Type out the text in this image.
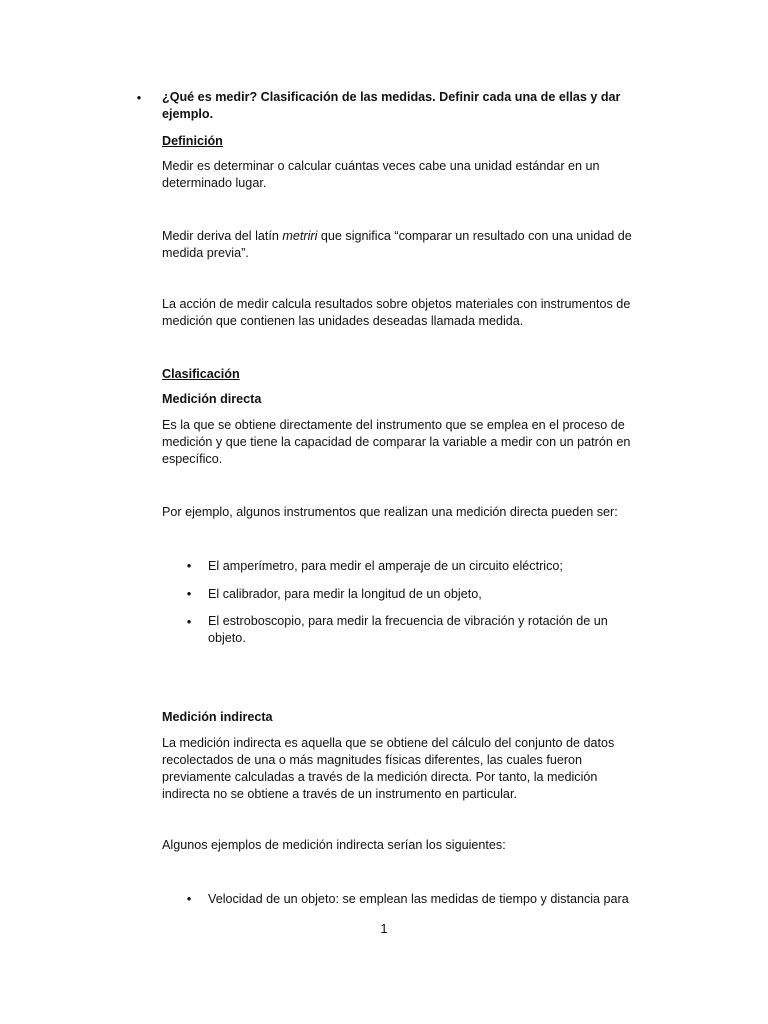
• ¿Qué es medir? Clasificación de las medidas. Definir cada una de ellas y dar
ejemplo.
Definición
Medir es determinar o calcular cuántas veces cabe una unidad estándar en un determinado lugar.
Medir deriva del latín metriri que significa “comparar un resultado con una unidad de medida previa”.
La acción de medir calcula resultados sobre objetos materiales con instrumentos de medición que contienen las unidades deseadas llamada medida.
Clasificación
Medición directa
Es la que se obtiene directamente del instrumento que se emplea en el proceso de medición y que tiene la capacidad de comparar la variable a medir con un patrón en específico.
Por ejemplo, algunos instrumentos que realizan una medición directa pueden ser:
• El amperímetro, para medir el amperaje de un circuito eléctrico;
• El calibrador, para medir la longitud de un objeto,
• El estroboscopio, para medir la frecuencia de vibración y rotación de un objeto.
Medición indirecta
La medición indirecta es aquella que se obtiene del cálculo del conjunto de datos recolectados de una o más magnitudes físicas diferentes, las cuales fueron previamente calculadas a través de la medición directa. Por tanto, la medición indirecta no se obtiene a través de un instrumento en particular.
Algunos ejemplos de medición indirecta serían los siguientes:
• Velocidad de un objeto: se emplean las medidas de tiempo y distancia para
1
